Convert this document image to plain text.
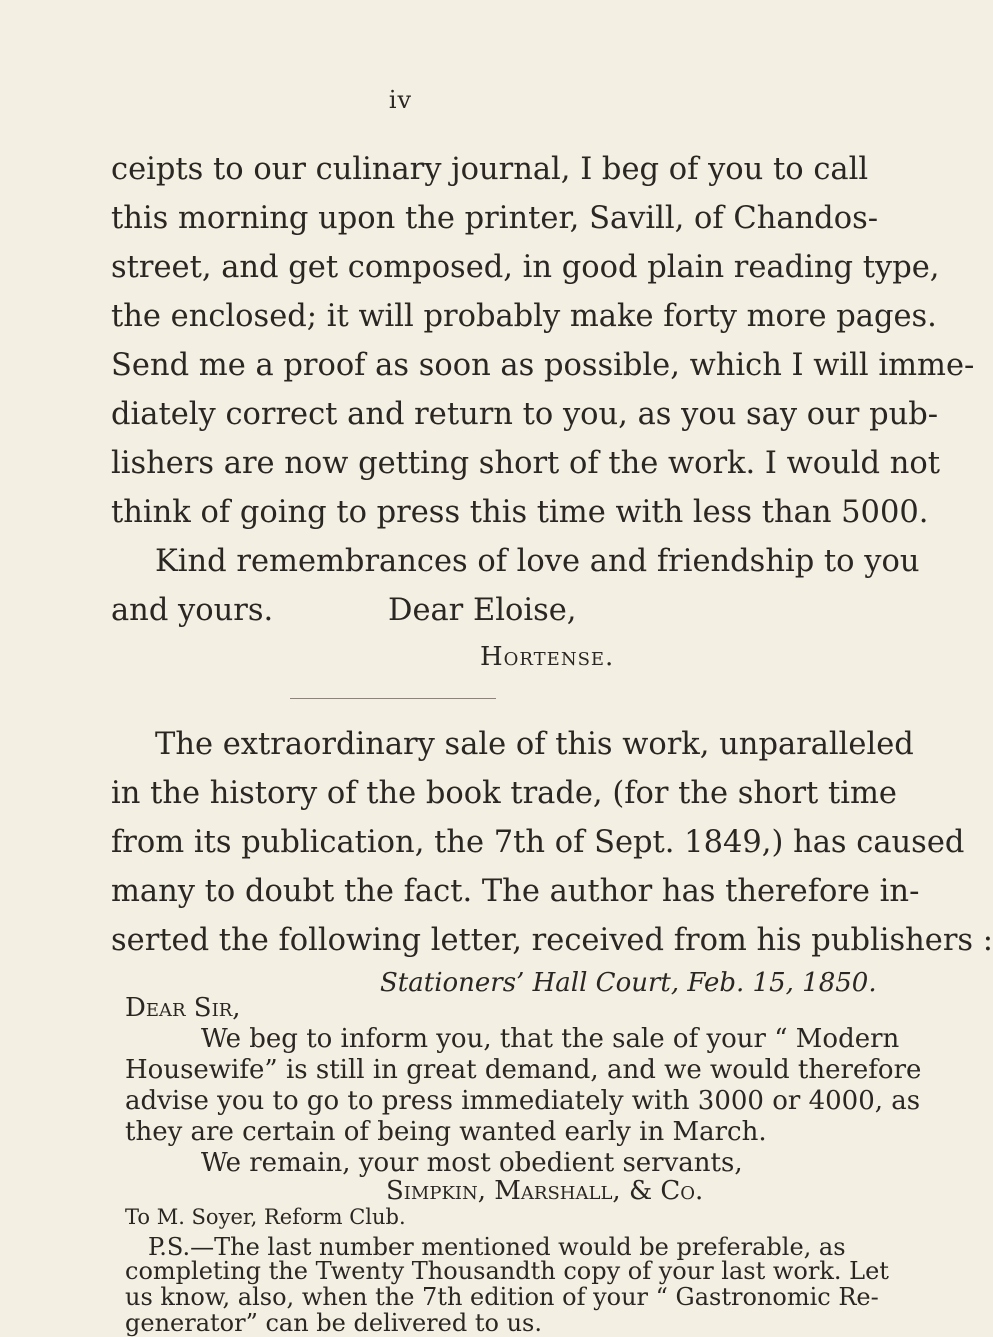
iv
ceipts to our culinary journal, I beg of you to call
this morning upon the printer, Savill, of Chandos-
street, and get composed, in good plain reading type,
the enclosed; it will probably make forty more pages.
Send me a proof as soon as possible, which I will imme-
diately correct and return to you, as you say our pub-
lishers are now getting short of the work. I would not
think of going to press this time with less than 5000.
Kind remembrances of love and friendship to you
and yours.	Dear Eloise,
Hortense.
The extraordinary sale of this work, unparalleled
in the history of the book trade, (for the short time
from its publication, the 7th of Sept. 1849,) has caused
many to doubt the fact. The author has therefore in-
serted the following letter, received from his publishers :
Stationers’ Hall Court, Feb. 15, 1850.
Dear Sir,
We beg to inform you, that the sale of your “ Modern
Housewife” is still in great demand, and we would therefore
advise you to go to press immediately with 3000 or 4000, as
they are certain of being wanted early in March.
We remain, your most obedient servants,
Simpkin, Marshall, & Co.
To M. Soyer, Reform Club.
P.S.—The last number mentioned would be preferable, as
completing the Twenty Thousandth copy of your last work. Let
us know, also, when the 7th edition of your “ Gastronomic Re-
generator” can be delivered to us.
